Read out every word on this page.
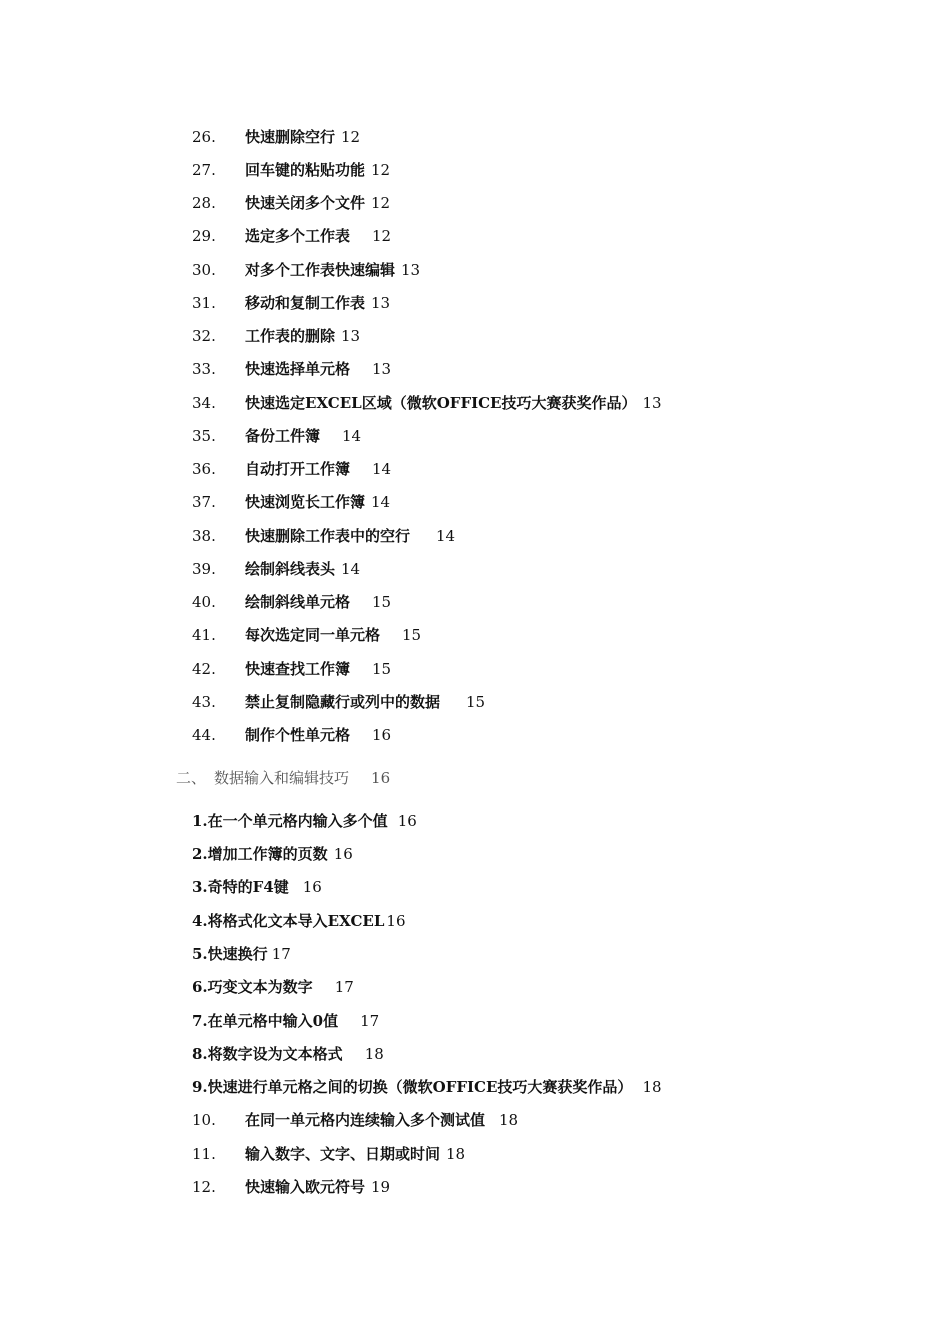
26. 快速删除空行 12
27. 回车键的粘贴功能 12
28. 快速关闭多个文件 12
29. 选定多个工作表 12
30. 对多个工作表快速编辑 13
31. 移动和复制工作表 13
32. 工作表的删除 13
33. 快速选择单元格 13
34. 快速选定EXCEL区域（微软OFFICE技巧大赛获奖作品） 13
35. 备份工件簿 14
36. 自动打开工作簿 14
37. 快速浏览长工作簿 14
38. 快速删除工作表中的空行 14
39. 绘制斜线表头 14
40. 绘制斜线单元格 15
41. 每次选定同一单元格 15
42. 快速查找工作簿 15
43. 禁止复制隐藏行或列中的数据 15
44. 制作个性单元格 16
二、 数据输入和编辑技巧 16
1.在一个单元格内输入多个值 16
2.增加工作簿的页数 16
3.奇特的F4键 16
4.将格式化文本导入EXCEL 16
5.快速换行 17
6.巧变文本为数字 17
7.在单元格中输入0值 17
8.将数字设为文本格式 18
9.快速进行单元格之间的切换（微软OFFICE技巧大赛获奖作品） 18
10. 在同一单元格内连续输入多个测试值 18
11. 输入数字、文字、日期或时间 18
12. 快速输入欧元符号 19
